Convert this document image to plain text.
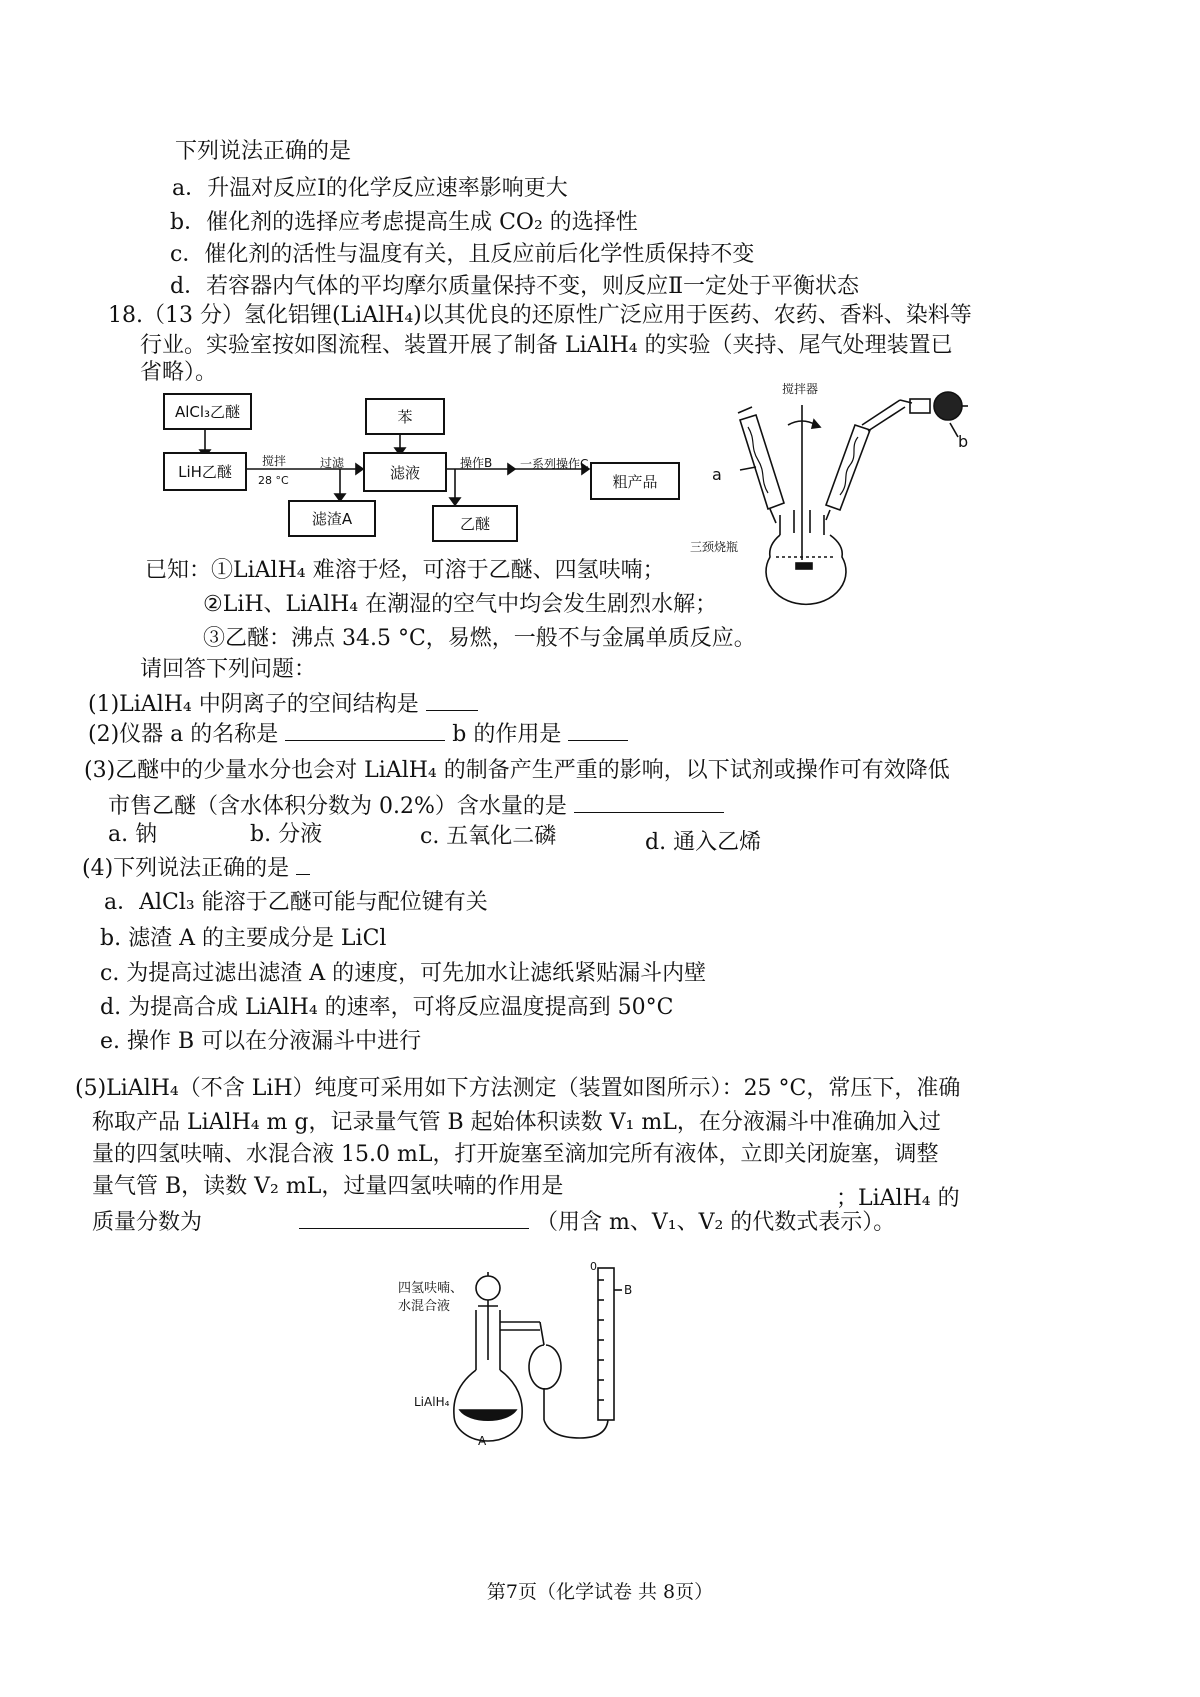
下列说法正确的是
a．升温对反应Ⅰ的化学反应速率影响更大
b．催化剂的选择应考虑提高生成 CO₂ 的选择性
c．催化剂的活性与温度有关，且反应前后化学性质保持不变
d．若容器内气体的平均摩尔质量保持不变，则反应Ⅱ一定处于平衡状态
18.（13 分）氢化铝锂(LiAlH₄)以其优良的还原性广泛应用于医药、农药、香料、染料等
行业。实验室按如图流程、装置开展了制备 LiAlH₄ 的实验（夹持、尾气处理装置已
省略）。
AlCl₃乙醚
LiH乙醚
搅拌
28 °C
过滤
苯
滤液
操作B 一系列操作C
粗产品
滤渣A	乙醚
搅拌器
a
b
三颈烧瓶
已知：①LiAlH₄ 难溶于烃，可溶于乙醚、四氢呋喃；
②LiH、LiAlH₄ 在潮湿的空气中均会发生剧烈水解；
③乙醚：沸点 34.5 °C，易燃，一般不与金属单质反应。
请回答下列问题：
(1)LiAlH₄ 中阴离子的空间结构是
(2)仪器 a 的名称是	b 的作用是
(3)乙醚中的少量水分也会对 LiAlH₄ 的制备产生严重的影响，以下试剂或操作可有效降低
市售乙醚（含水体积分数为 0.2%）含水量的是
a. 钠	b. 分液	c. 五氧化二磷	d. 通入乙烯
(4)下列说法正确的是
a．AlCl₃ 能溶于乙醚可能与配位键有关
b. 滤渣 A 的主要成分是 LiCl
c. 为提高过滤出滤渣 A 的速度，可先加水让滤纸紧贴漏斗内壁
d. 为提高合成 LiAlH₄ 的速率，可将反应温度提高到 50°C
e. 操作 B 可以在分液漏斗中进行
(5)LiAlH₄（不含 LiH）纯度可采用如下方法测定（装置如图所示）：25 °C，常压下，准确
称取产品 LiAlH₄ m g，记录量气管 B 起始体积读数 V₁ mL，在分液漏斗中准确加入过
量的四氢呋喃、水混合液 15.0 mL，打开旋塞至滴加完所有液体，立即关闭旋塞，调整
量气管 B，读数 V₂ mL，过量四氢呋喃的作用是	；LiAlH₄ 的
质量分数为	（用含 m、V₁、V₂ 的代数式表示）。
四氢呋喃、
水混合液
LiAlH₄
A
B
0
第7页（化学试卷 共 8页）
